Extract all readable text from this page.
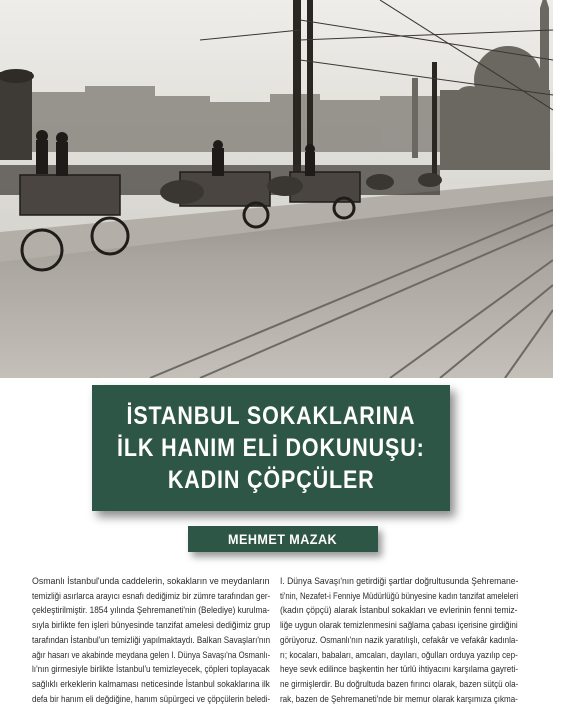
İSTANBUL SOKAKLARINA
İLK HANIM ELİ DOKUNUŞU:
KADIN ÇÖPÇÜLER
MEHMET MAZAK
Osmanlı İstanbul'unda caddelerin, sokakların ve meydanların
temizliği asırlarca arayıcı esnafı dediğimiz bir zümre tarafından ger-
çekleştirilmiştir. 1854 yılında Şehremaneti'nin (Belediye) kurulma-
sıyla birlikte fen işleri bünyesinde tanzifat amelesi dediğimiz grup
tarafından İstanbul'un temizliği yapılmaktaydı. Balkan Savaşları'nın
ağır hasarı ve akabinde meydana gelen I. Dünya Savaşı'na Osmanlı-
lı'nın girmesiyle birlikte İstanbul'u temizleyecek, çöpleri toplayacak
sağlıklı erkeklerin kalmaması neticesinde İstanbul sokaklarına ilk
defa bir hanım eli değdiğine, hanım süpürgeci ve çöpçülerin beledi-
I. Dünya Savaşı'nın getirdiği şartlar doğrultusunda Şehremane-
ti'nin, Nezafet-i Fenniye Müdürlüğü bünyesine kadın tanzifat ameleleri
(kadın çöpçü) alarak İstanbul sokakları ve evlerinin fenni temiz-
liğe uygun olarak temizlenmesini sağlama çabası içerisine girdiğini
görüyoruz. Osmanlı'nın nazik yaratılışlı, cefakâr ve vefakâr kadınla-
rı; kocaları, babaları, amcaları, dayıları, oğulları orduya yazılıp cep-
heye sevk edilince başkentin her türlü ihtiyacını karşılama gayreti-
ne girmişlerdir. Bu doğrultuda bazen fırıncı olarak, bazen sütçü ola-
rak, bazen de Şehremaneti'nde bir memur olarak karşımıza çıkma-
